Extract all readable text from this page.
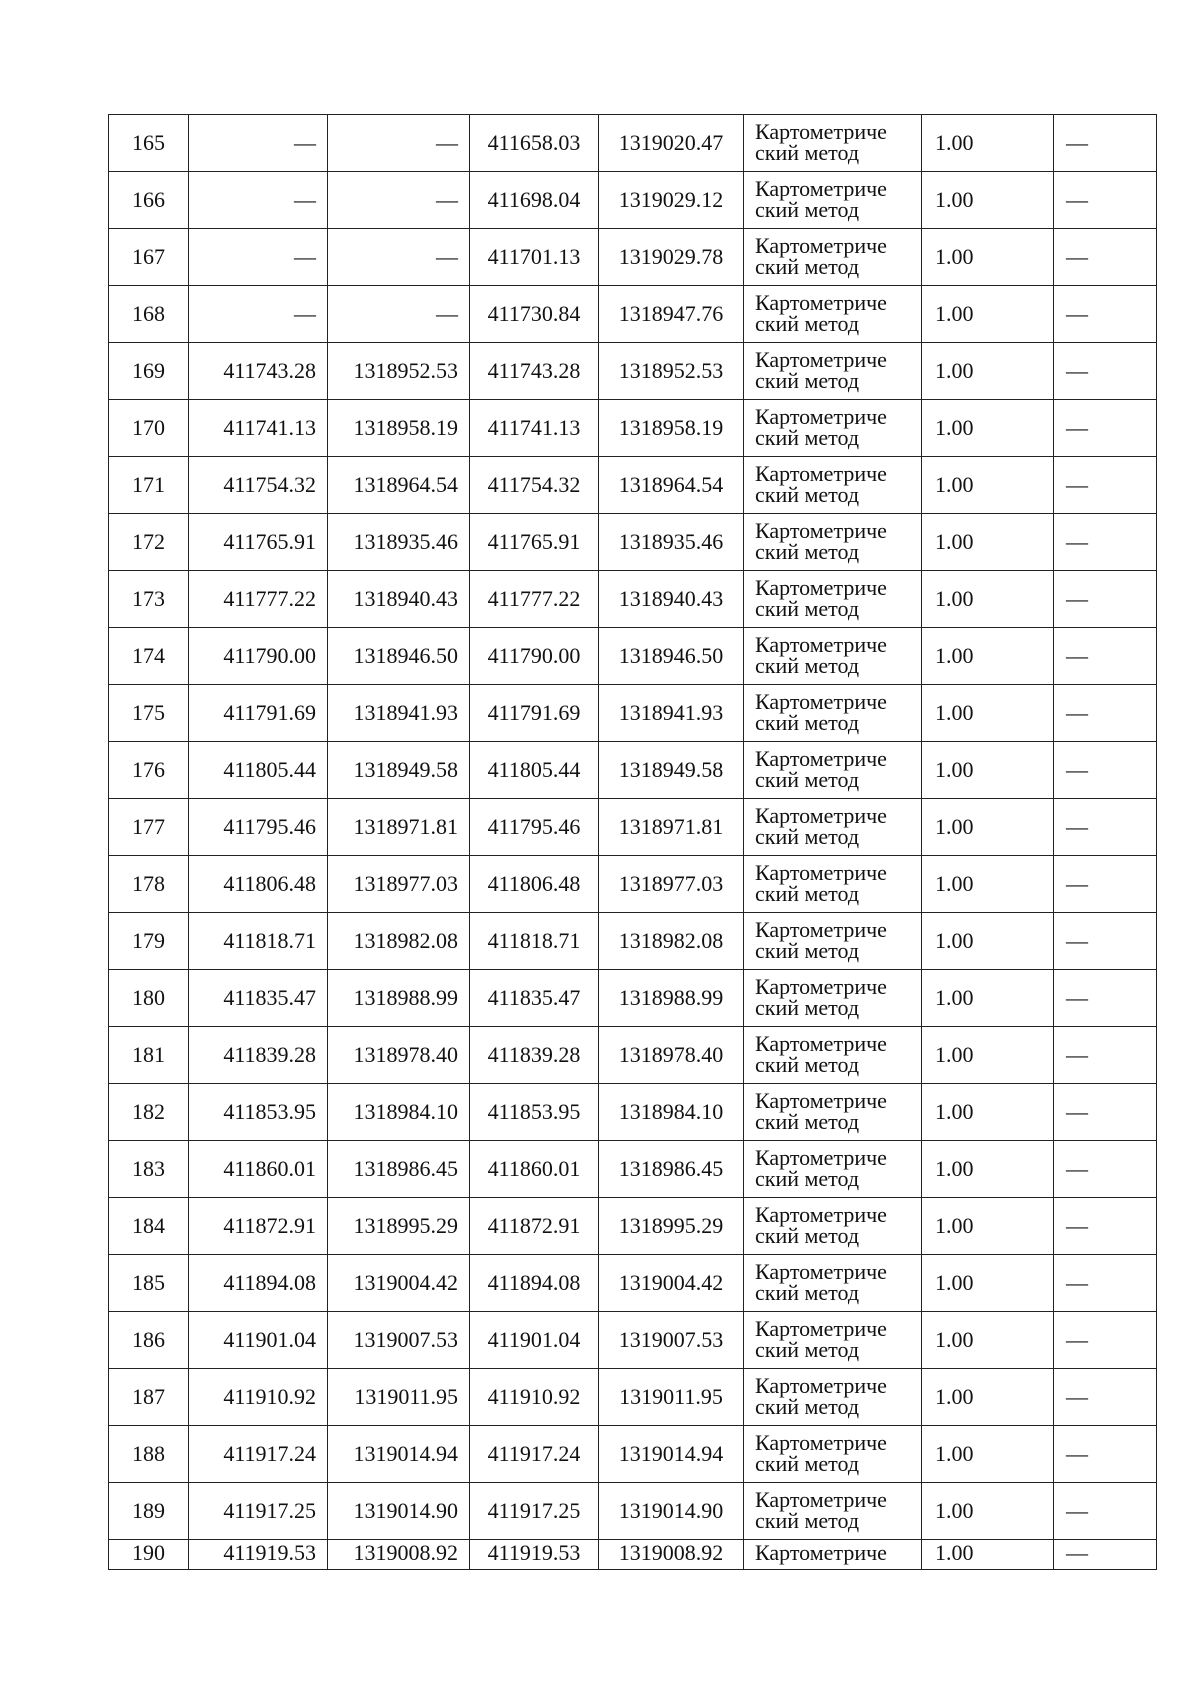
165	—	—	411658.03	1319020.47	Картометриче ский метод	1.00	—
166	—	—	411698.04	1319029.12	Картометриче ский метод	1.00	—
167	—	—	411701.13	1319029.78	Картометриче ский метод	1.00	—
168	—	—	411730.84	1318947.76	Картометриче ский метод	1.00	—
169	411743.28	1318952.53	411743.28	1318952.53	Картометриче ский метод	1.00	—
170	411741.13	1318958.19	411741.13	1318958.19	Картометриче ский метод	1.00	—
171	411754.32	1318964.54	411754.32	1318964.54	Картометриче ский метод	1.00	—
172	411765.91	1318935.46	411765.91	1318935.46	Картометриче ский метод	1.00	—
173	411777.22	1318940.43	411777.22	1318940.43	Картометриче ский метод	1.00	—
174	411790.00	1318946.50	411790.00	1318946.50	Картометриче ский метод	1.00	—
175	411791.69	1318941.93	411791.69	1318941.93	Картометриче ский метод	1.00	—
176	411805.44	1318949.58	411805.44	1318949.58	Картометриче ский метод	1.00	—
177	411795.46	1318971.81	411795.46	1318971.81	Картометриче ский метод	1.00	—
178	411806.48	1318977.03	411806.48	1318977.03	Картометриче ский метод	1.00	—
179	411818.71	1318982.08	411818.71	1318982.08	Картометриче ский метод	1.00	—
180	411835.47	1318988.99	411835.47	1318988.99	Картометриче ский метод	1.00	—
181	411839.28	1318978.40	411839.28	1318978.40	Картометриче ский метод	1.00	—
182	411853.95	1318984.10	411853.95	1318984.10	Картометриче ский метод	1.00	—
183	411860.01	1318986.45	411860.01	1318986.45	Картометриче ский метод	1.00	—
184	411872.91	1318995.29	411872.91	1318995.29	Картометриче ский метод	1.00	—
185	411894.08	1319004.42	411894.08	1319004.42	Картометриче ский метод	1.00	—
186	411901.04	1319007.53	411901.04	1319007.53	Картометриче ский метод	1.00	—
187	411910.92	1319011.95	411910.92	1319011.95	Картометриче ский метод	1.00	—
188	411917.24	1319014.94	411917.24	1319014.94	Картометриче ский метод	1.00	—
189	411917.25	1319014.90	411917.25	1319014.90	Картометриче ский метод	1.00	—
190	411919.53	1319008.92	411919.53	1319008.92	Картометриче	1.00	—
